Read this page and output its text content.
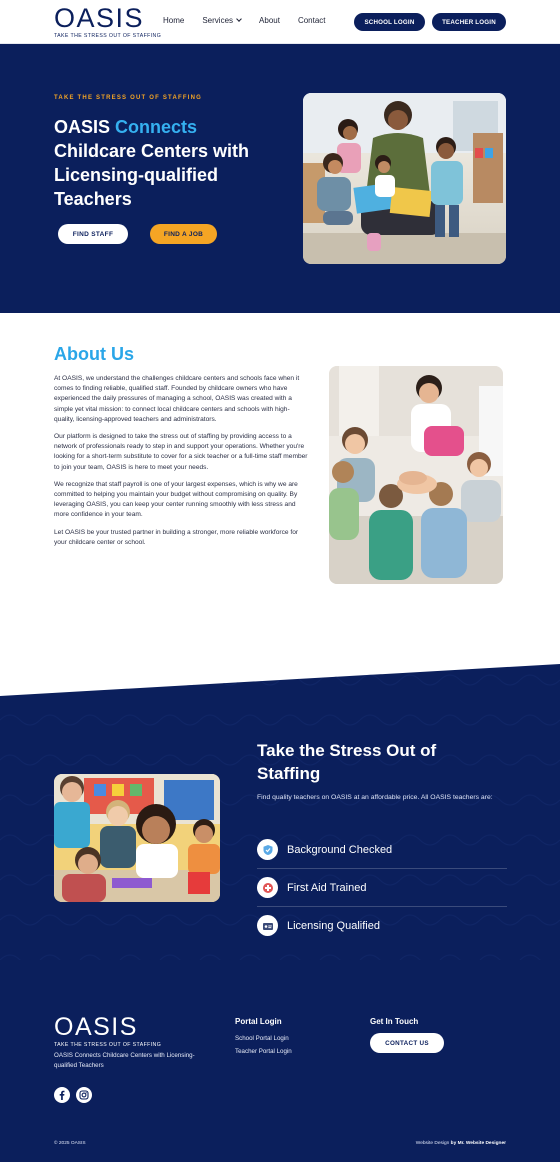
OASIS
TAKE THE STRESS OUT OF STAFFING
Home Services	About Contact	SCHOOL LOGIN	TEACHER LOGIN
TAKE THE STRESS OUT OF STAFFING
OASIS Connects Childcare Centers with Licensing-qualified Teachers
FIND STAFF	FIND A JOB
About Us

At OASIS, we understand the challenges childcare centers and schools face when it comes to finding reliable, qualified staff. Founded by childcare owners who have experienced the daily pressures of managing a school, OASIS was created with a simple yet vital mission: to connect local childcare centers and schools with high-quality, licensing-approved teachers and administrators.

Our platform is designed to take the stress out of staffing by providing access to a network of professionals ready to step in and support your operations. Whether you're looking for a short-term substitute to cover for a sick teacher or a full-time staff member to join your team, OASIS is here to meet your needs.

We recognize that staff payroll is one of your largest expenses, which is why we are committed to helping you maintain your budget without compromising on quality. By leveraging OASIS, you can keep your center running smoothly with less stress and more confidence in your team.

Let OASIS be your trusted partner in building a stronger, more reliable workforce for your childcare center or school.

Take the Stress Out of Staffing
Find quality teachers on OASIS at an affordable price. All OASIS teachers are:
Background Checked
First Aid Trained
Licensing Qualified
OASIS
TAKE THE STRESS OUT OF STAFFING
OASIS Connects Childcare Centers with Licensing-qualified Teachers
Portal Login
School Portal Login
Teacher Portal Login
Get In Touch
CONTACT US
© 2025 OASIS	Website Design by Mr. Website Designer
